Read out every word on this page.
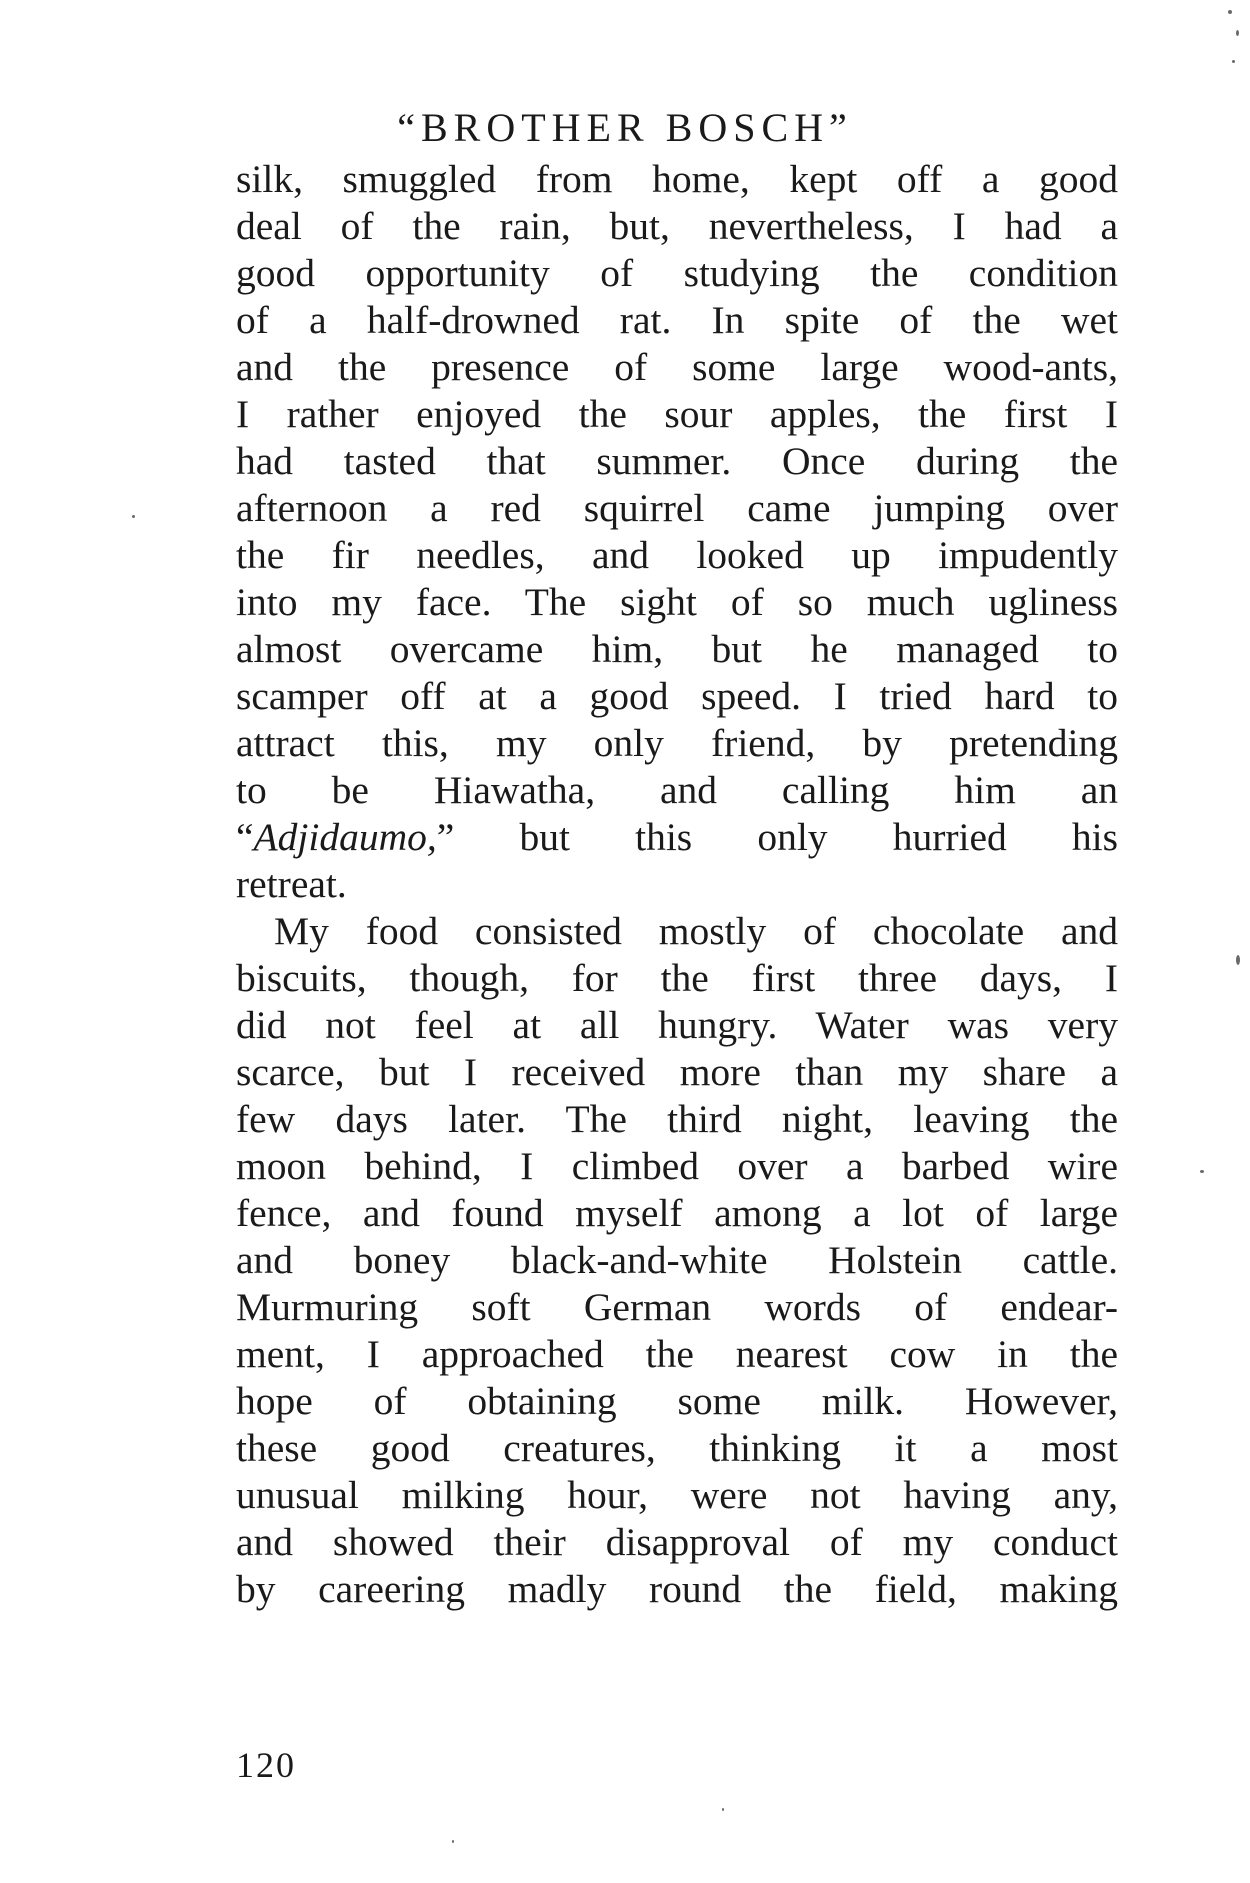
“BROTHER BOSCH”
silk, smuggled from home, kept off a good
deal of the rain, but, nevertheless, I had a
good opportunity of studying the condition
of a half-drowned rat. In spite of the wet
and the presence of some large wood-ants,
I rather enjoyed the sour apples, the first I
had tasted that summer. Once during the
afternoon a red squirrel came jumping over
the fir needles, and looked up impudently
into my face. The sight of so much ugliness
almost overcame him, but he managed to
scamper off at a good speed. I tried hard to
attract this, my only friend, by pretending
to be Hiawatha, and calling him an
“Adjidaumo,” but this only hurried his
retreat.
My food consisted mostly of chocolate and
biscuits, though, for the first three days, I
did not feel at all hungry. Water was very
scarce, but I received more than my share a
few days later. The third night, leaving the
moon behind, I climbed over a barbed wire
fence, and found myself among a lot of large
and boney black-and-white Holstein cattle.
Murmuring soft German words of endear-
ment, I approached the nearest cow in the
hope of obtaining some milk. However,
these good creatures, thinking it a most
unusual milking hour, were not having any,
and showed their disapproval of my conduct
by careering madly round the field, making
120
